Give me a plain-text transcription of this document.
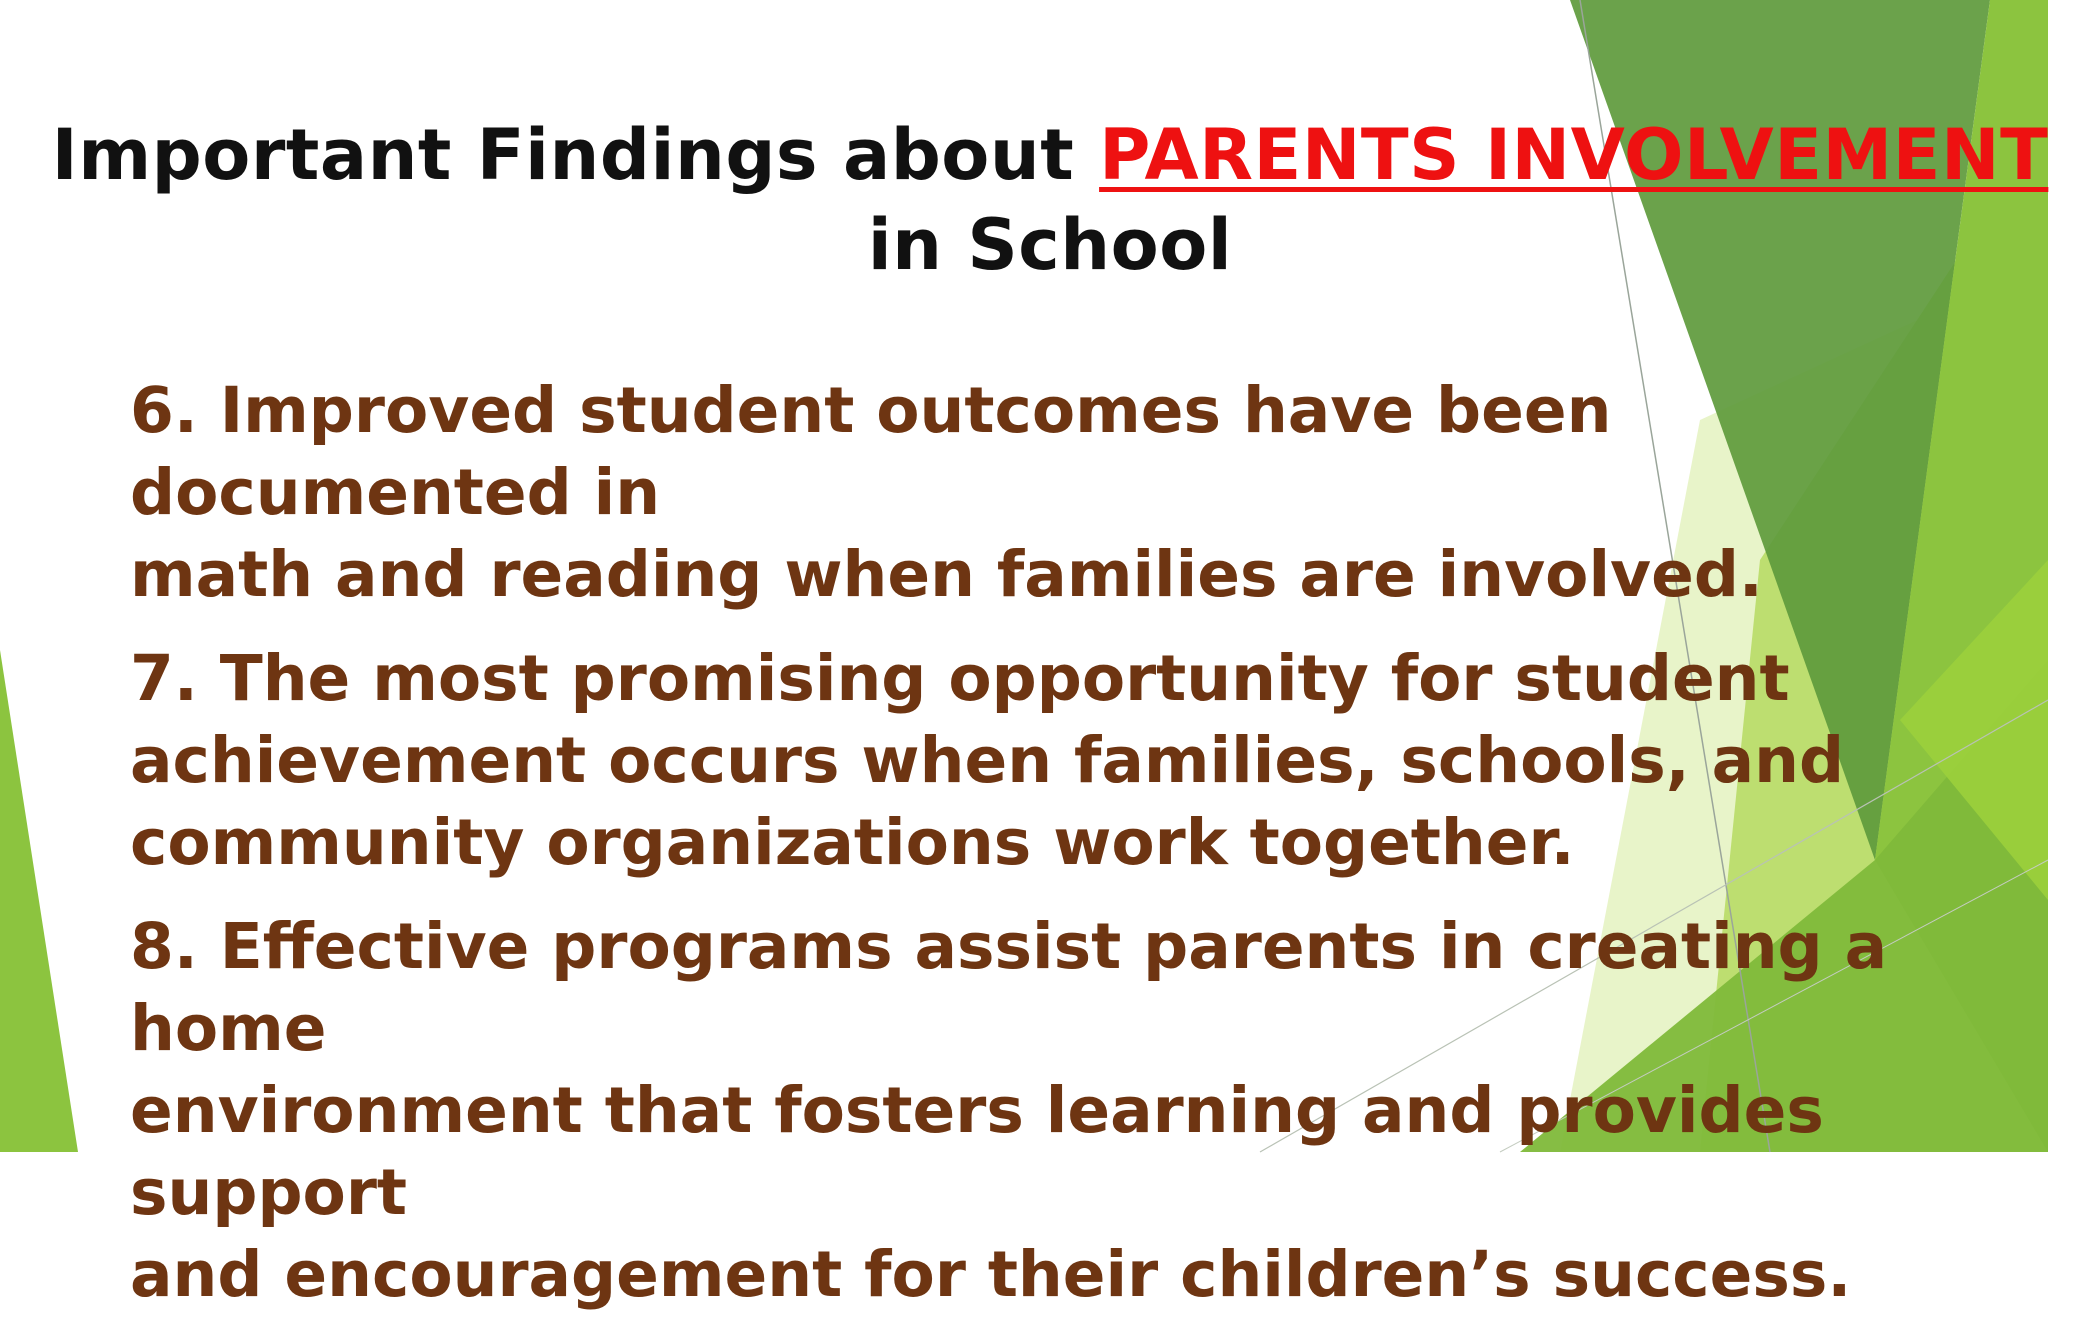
Important Findings about PARENTS INVOLVEMENT
in School
6. Improved student outcomes have been documented in
math and reading when families are involved.
7. The most promising opportunity for student
achievement occurs when families, schools, and
community organizations work together.
8. Effective programs assist parents in creating a home
environment that fosters learning and provides support
and encouragement for their children’s success.
